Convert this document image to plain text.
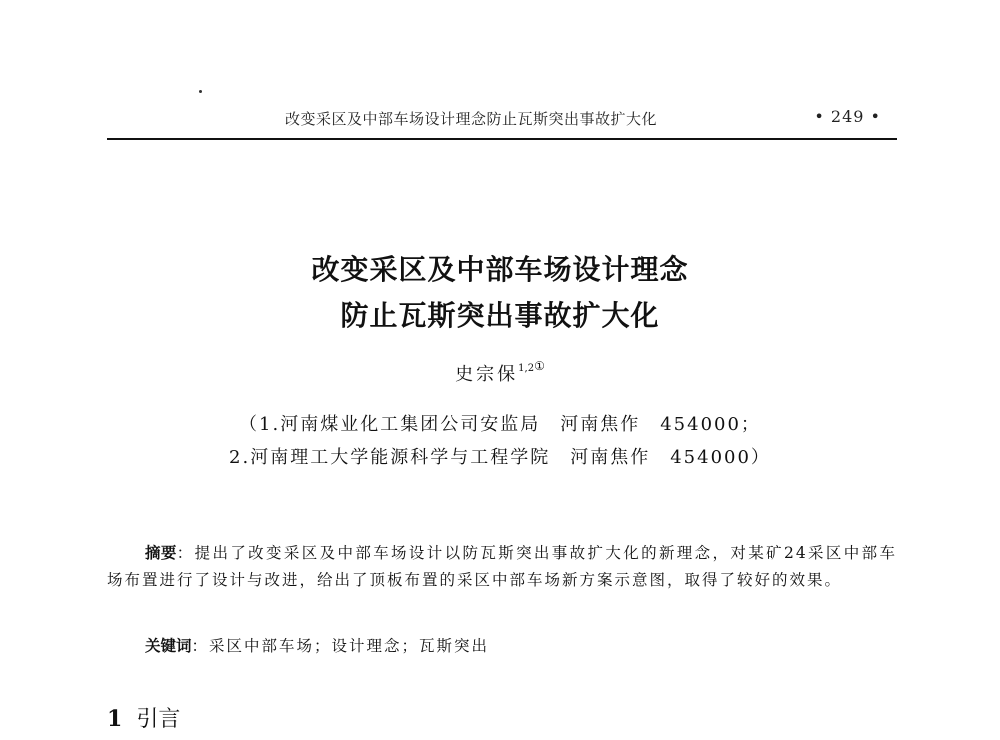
改变采区及中部车场设计理念防止瓦斯突出事故扩大化	• 249 •
改变采区及中部车场设计理念
防止瓦斯突出事故扩大化
史宗保$^{1,2①}$
（1.河南煤业化工集团公司安监局　河南焦作　454000；
2.河南理工大学能源科学与工程学院　河南焦作　454000）
摘要：提出了改变采区及中部车场设计以防瓦斯突出事故扩大化的新理念，对某矿24采区中部车场布置进行了设计与改进，给出了顶板布置的采区中部车场新方案示意图，取得了较好的效果。
关键词：采区中部车场；设计理念；瓦斯突出
1 引言
